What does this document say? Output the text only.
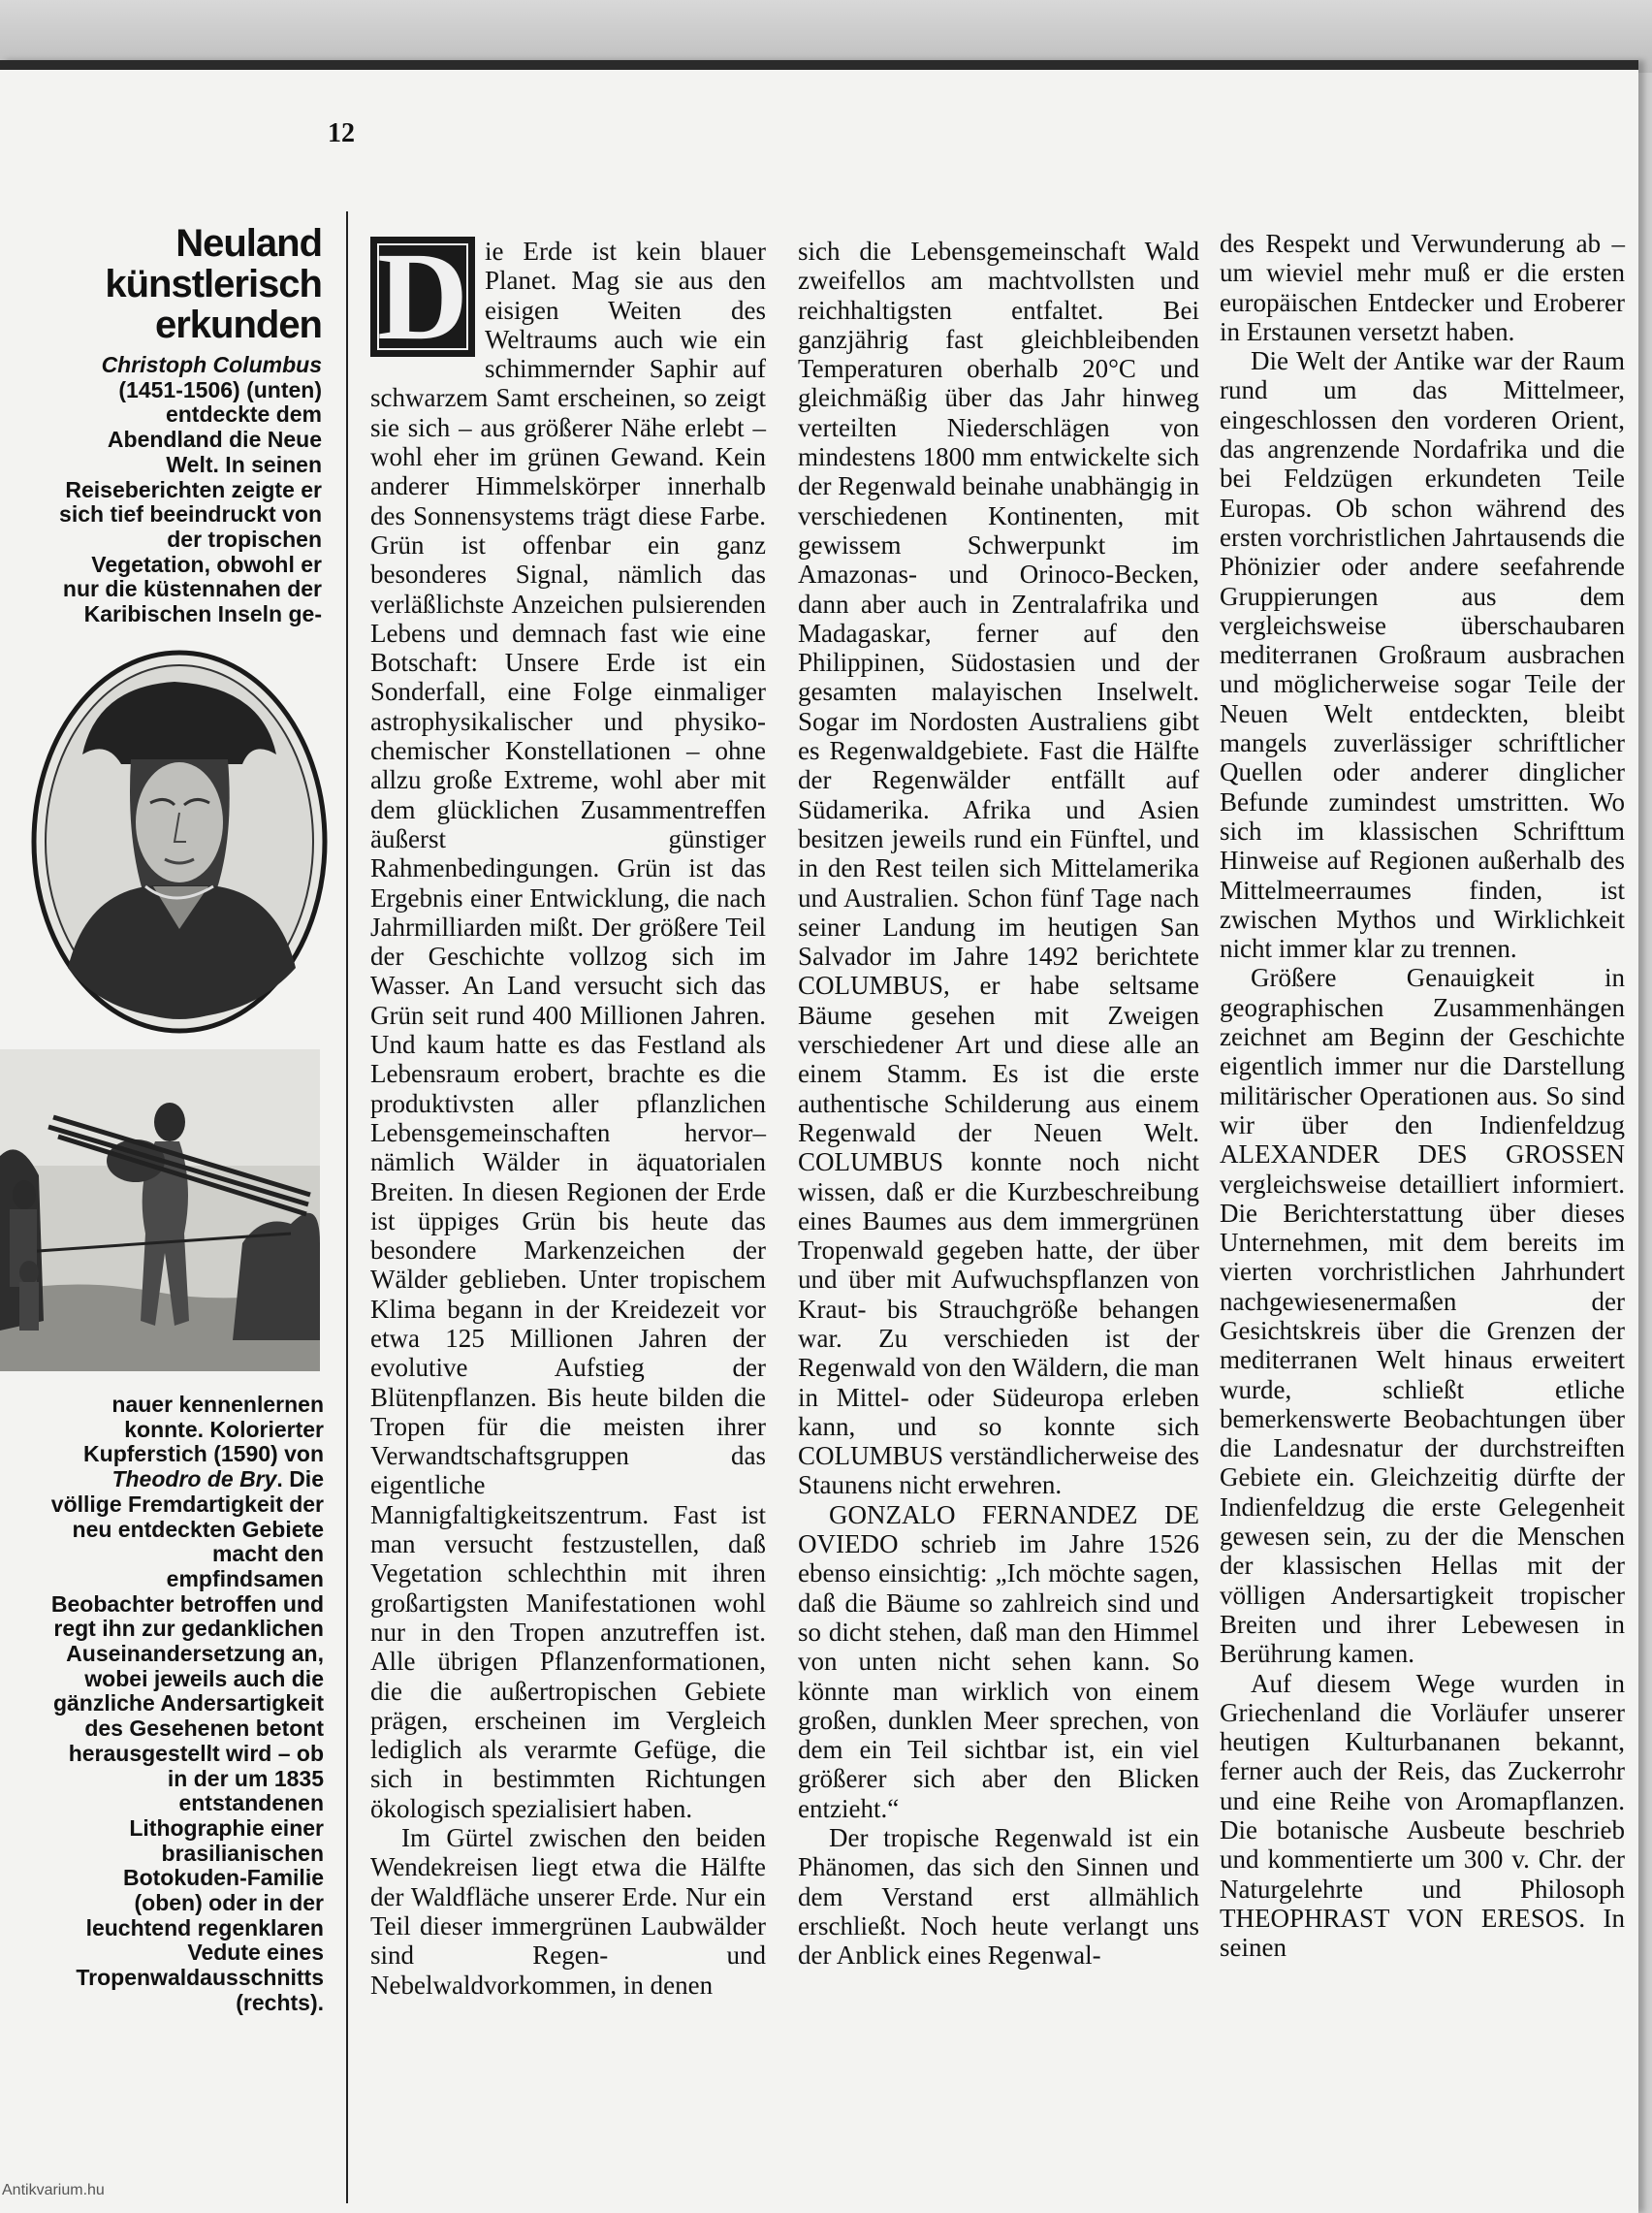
12
Neuland
künstlerisch
erkunden
Christoph Columbus (1451-1506) (unten) entdeckte dem Abendland die Neue Welt. In seinen Reiseberichten zeigte er sich tief beeindruckt von der tropischen Vegetation, obwohl er nur die küstennahen der Karibischen Inseln ge-
nauer kennenlernen konnte. Kolorierter Kupferstich (1590) von Theodro de Bry. Die völlige Fremdartigkeit der neu entdeckten Gebiete macht den empfindsamen Beobachter betroffen und regt ihn zur gedanklichen Auseinandersetzung an, wobei jeweils auch die gänzliche Andersartigkeit des Gesehenen betont herausgestellt wird – ob in der um 1835 entstandenen Lithographie einer brasilianischen Botokuden-Familie (oben) oder in der leuchtend regenklaren Vedute eines Tropenwaldausschnitts (rechts).

D ie Erde ist kein blauer Planet. Mag sie aus den eisigen Weiten des Weltraums auch wie ein schimmernder Saphir auf schwarzem Samt erscheinen, so zeigt sie sich – aus größerer Nähe erlebt – wohl eher im grünen Gewand. Kein anderer Himmelskörper innerhalb des Sonnensystems trägt diese Farbe. Grün ist offenbar ein ganz besonderes Signal, nämlich das verläßlichste Anzeichen pulsierenden Lebens und demnach fast wie eine Botschaft: Unsere Erde ist ein Sonderfall, eine Folge einmaliger astrophysikalischer und physiko-chemischer Konstellationen – ohne allzu große Extreme, wohl aber mit dem glücklichen Zusammentreffen äußerst günstiger Rahmenbedingungen. Grün ist das Ergebnis einer Entwicklung, die nach Jahrmilliarden mißt. Der größere Teil der Geschichte vollzog sich im Wasser. An Land versucht sich das Grün seit rund 400 Millionen Jahren. Und kaum hatte es das Festland als Lebensraum erobert, brachte es die produktivsten aller pflanzlichen Lebensgemeinschaften hervor– nämlich Wälder in äquatorialen Breiten. In diesen Regionen der Erde ist üppiges Grün bis heute das besondere Markenzeichen der Wälder geblieben. Unter tropischem Klima begann in der Kreidezeit vor etwa 125 Millionen Jahren der evolutive Aufstieg der Blütenpflanzen. Bis heute bilden die Tropen für die meisten ihrer Verwandtschaftsgruppen das eigentliche Mannigfaltigkeitszentrum. Fast ist man versucht festzustellen, daß Vegetation schlechthin mit ihren großartigsten Manifestationen wohl nur in den Tropen anzutreffen ist. Alle übrigen Pflanzenformationen, die die außertropischen Gebiete prägen, erscheinen im Vergleich lediglich als verarmte Gefüge, die sich in bestimmten Richtungen ökologisch spezialisiert haben.

Im Gürtel zwischen den beiden Wendekreisen liegt etwa die Hälfte der Waldfläche unserer Erde. Nur ein Teil dieser immergrünen Laubwälder sind Regen- und Nebelwaldvorkommen, in denen

sich die Lebensgemeinschaft Wald zweifellos am machtvollsten und reichhaltigsten entfaltet. Bei ganzjährig fast gleichbleibenden Temperaturen oberhalb 20°C und gleichmäßig über das Jahr hinweg verteilten Niederschlägen von mindestens 1800 mm entwickelte sich der Regenwald beinahe unabhängig in verschiedenen Kontinenten, mit gewissem Schwerpunkt im Amazonas- und Orinoco-Becken, dann aber auch in Zentralafrika und Madagaskar, ferner auf den Philippinen, Südostasien und der gesamten malayischen Inselwelt. Sogar im Nordosten Australiens gibt es Regenwaldgebiete. Fast die Hälfte der Regenwälder entfällt auf Südamerika. Afrika und Asien besitzen jeweils rund ein Fünftel, und in den Rest teilen sich Mittelamerika und Australien. Schon fünf Tage nach seiner Landung im heutigen San Salvador im Jahre 1492 berichtete COLUMBUS, er habe seltsame Bäume gesehen mit Zweigen verschiedener Art und diese alle an einem Stamm. Es ist die erste authentische Schilderung aus einem Regenwald der Neuen Welt. COLUMBUS konnte noch nicht wissen, daß er die Kurzbeschreibung eines Baumes aus dem immergrünen Tropenwald gegeben hatte, der über und über mit Aufwuchspflanzen von Kraut- bis Strauchgröße behangen war. Zu verschieden ist der Regenwald von den Wäldern, die man in Mittel- oder Südeuropa erleben kann, und so konnte sich COLUMBUS verständlicherweise des Staunens nicht erwehren.

GONZALO FERNANDEZ DE OVIEDO schrieb im Jahre 1526 ebenso einsichtig: „Ich möchte sagen, daß die Bäume so zahlreich sind und so dicht stehen, daß man den Himmel von unten nicht sehen kann. So könnte man wirklich von einem großen, dunklen Meer sprechen, von dem ein Teil sichtbar ist, ein viel größerer sich aber den Blicken entzieht.“

Der tropische Regenwald ist ein Phänomen, das sich den Sinnen und dem Verstand erst allmählich erschließt. Noch heute verlangt uns der Anblick eines Regenwal-

des Respekt und Verwunderung ab – um wieviel mehr muß er die ersten europäischen Entdecker und Eroberer in Erstaunen versetzt haben.

Die Welt der Antike war der Raum rund um das Mittelmeer, eingeschlossen den vorderen Orient, das angrenzende Nordafrika und die bei Feldzügen erkundeten Teile Europas. Ob schon während des ersten vorchristlichen Jahrtausends die Phönizier oder andere seefahrende Gruppierungen aus dem vergleichsweise überschaubaren mediterranen Großraum ausbrachen und möglicherweise sogar Teile der Neuen Welt entdeckten, bleibt mangels zuverlässiger schriftlicher Quellen oder anderer dinglicher Befunde zumindest umstritten. Wo sich im klassischen Schrifttum Hinweise auf Regionen außerhalb des Mittelmeerraumes finden, ist zwischen Mythos und Wirklichkeit nicht immer klar zu trennen.

Größere Genauigkeit in geographischen Zusammenhängen zeichnet am Beginn der Geschichte eigentlich immer nur die Darstellung militärischer Operationen aus. So sind wir über den Indienfeldzug ALEXANDER DES GROSSEN vergleichsweise detailliert informiert. Die Berichterstattung über dieses Unternehmen, mit dem bereits im vierten vorchristlichen Jahrhundert nachgewiesenermaßen der Gesichtskreis über die Grenzen der mediterranen Welt hinaus erweitert wurde, schließt etliche bemerkenswerte Beobachtungen über die Landesnatur der durchstreiften Gebiete ein. Gleichzeitig dürfte der Indienfeldzug die erste Gelegenheit gewesen sein, zu der die Menschen der klassischen Hellas mit der völligen Andersartigkeit tropischer Breiten und ihrer Lebewesen in Berührung kamen.

Auf diesem Wege wurden in Griechenland die Vorläufer unserer heutigen Kulturbananen bekannt, ferner auch der Reis, das Zuckerrohr und eine Reihe von Aromapflanzen. Die botanische Ausbeute beschrieb und kommentierte um 300 v. Chr. der Naturgelehrte und Philosoph THEOPHRAST VON ERESOS. In seinen

Antikvarium.hu
